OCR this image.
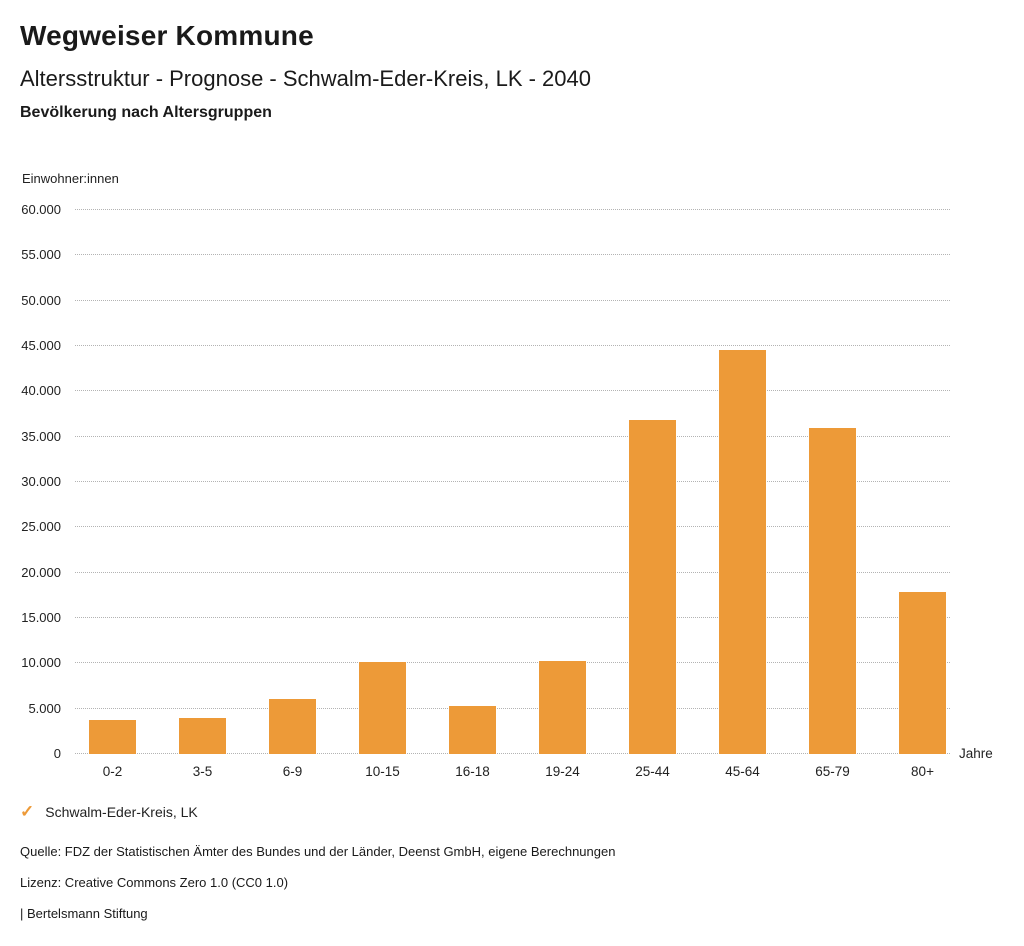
Wegweiser Kommune
Altersstruktur - Prognose - Schwalm-Eder-Kreis, LK - 2040
Bevölkerung nach Altersgruppen
Einwohner:innen
Jahre
0
5.000
10.000
15.000
20.000
25.000
30.000
35.000
40.000
45.000
50.000
55.000
60.000
0-2	3-5	6-9	10-15	16-18	19-24	25-44	45-64	65-79	80+
✓ Schwalm-Eder-Kreis, LK
Quelle: FDZ der Statistischen Ämter des Bundes und der Länder, Deenst GmbH, eigene Berechnungen
Lizenz: Creative Commons Zero 1.0 (CC0 1.0)
| Bertelsmann Stiftung
